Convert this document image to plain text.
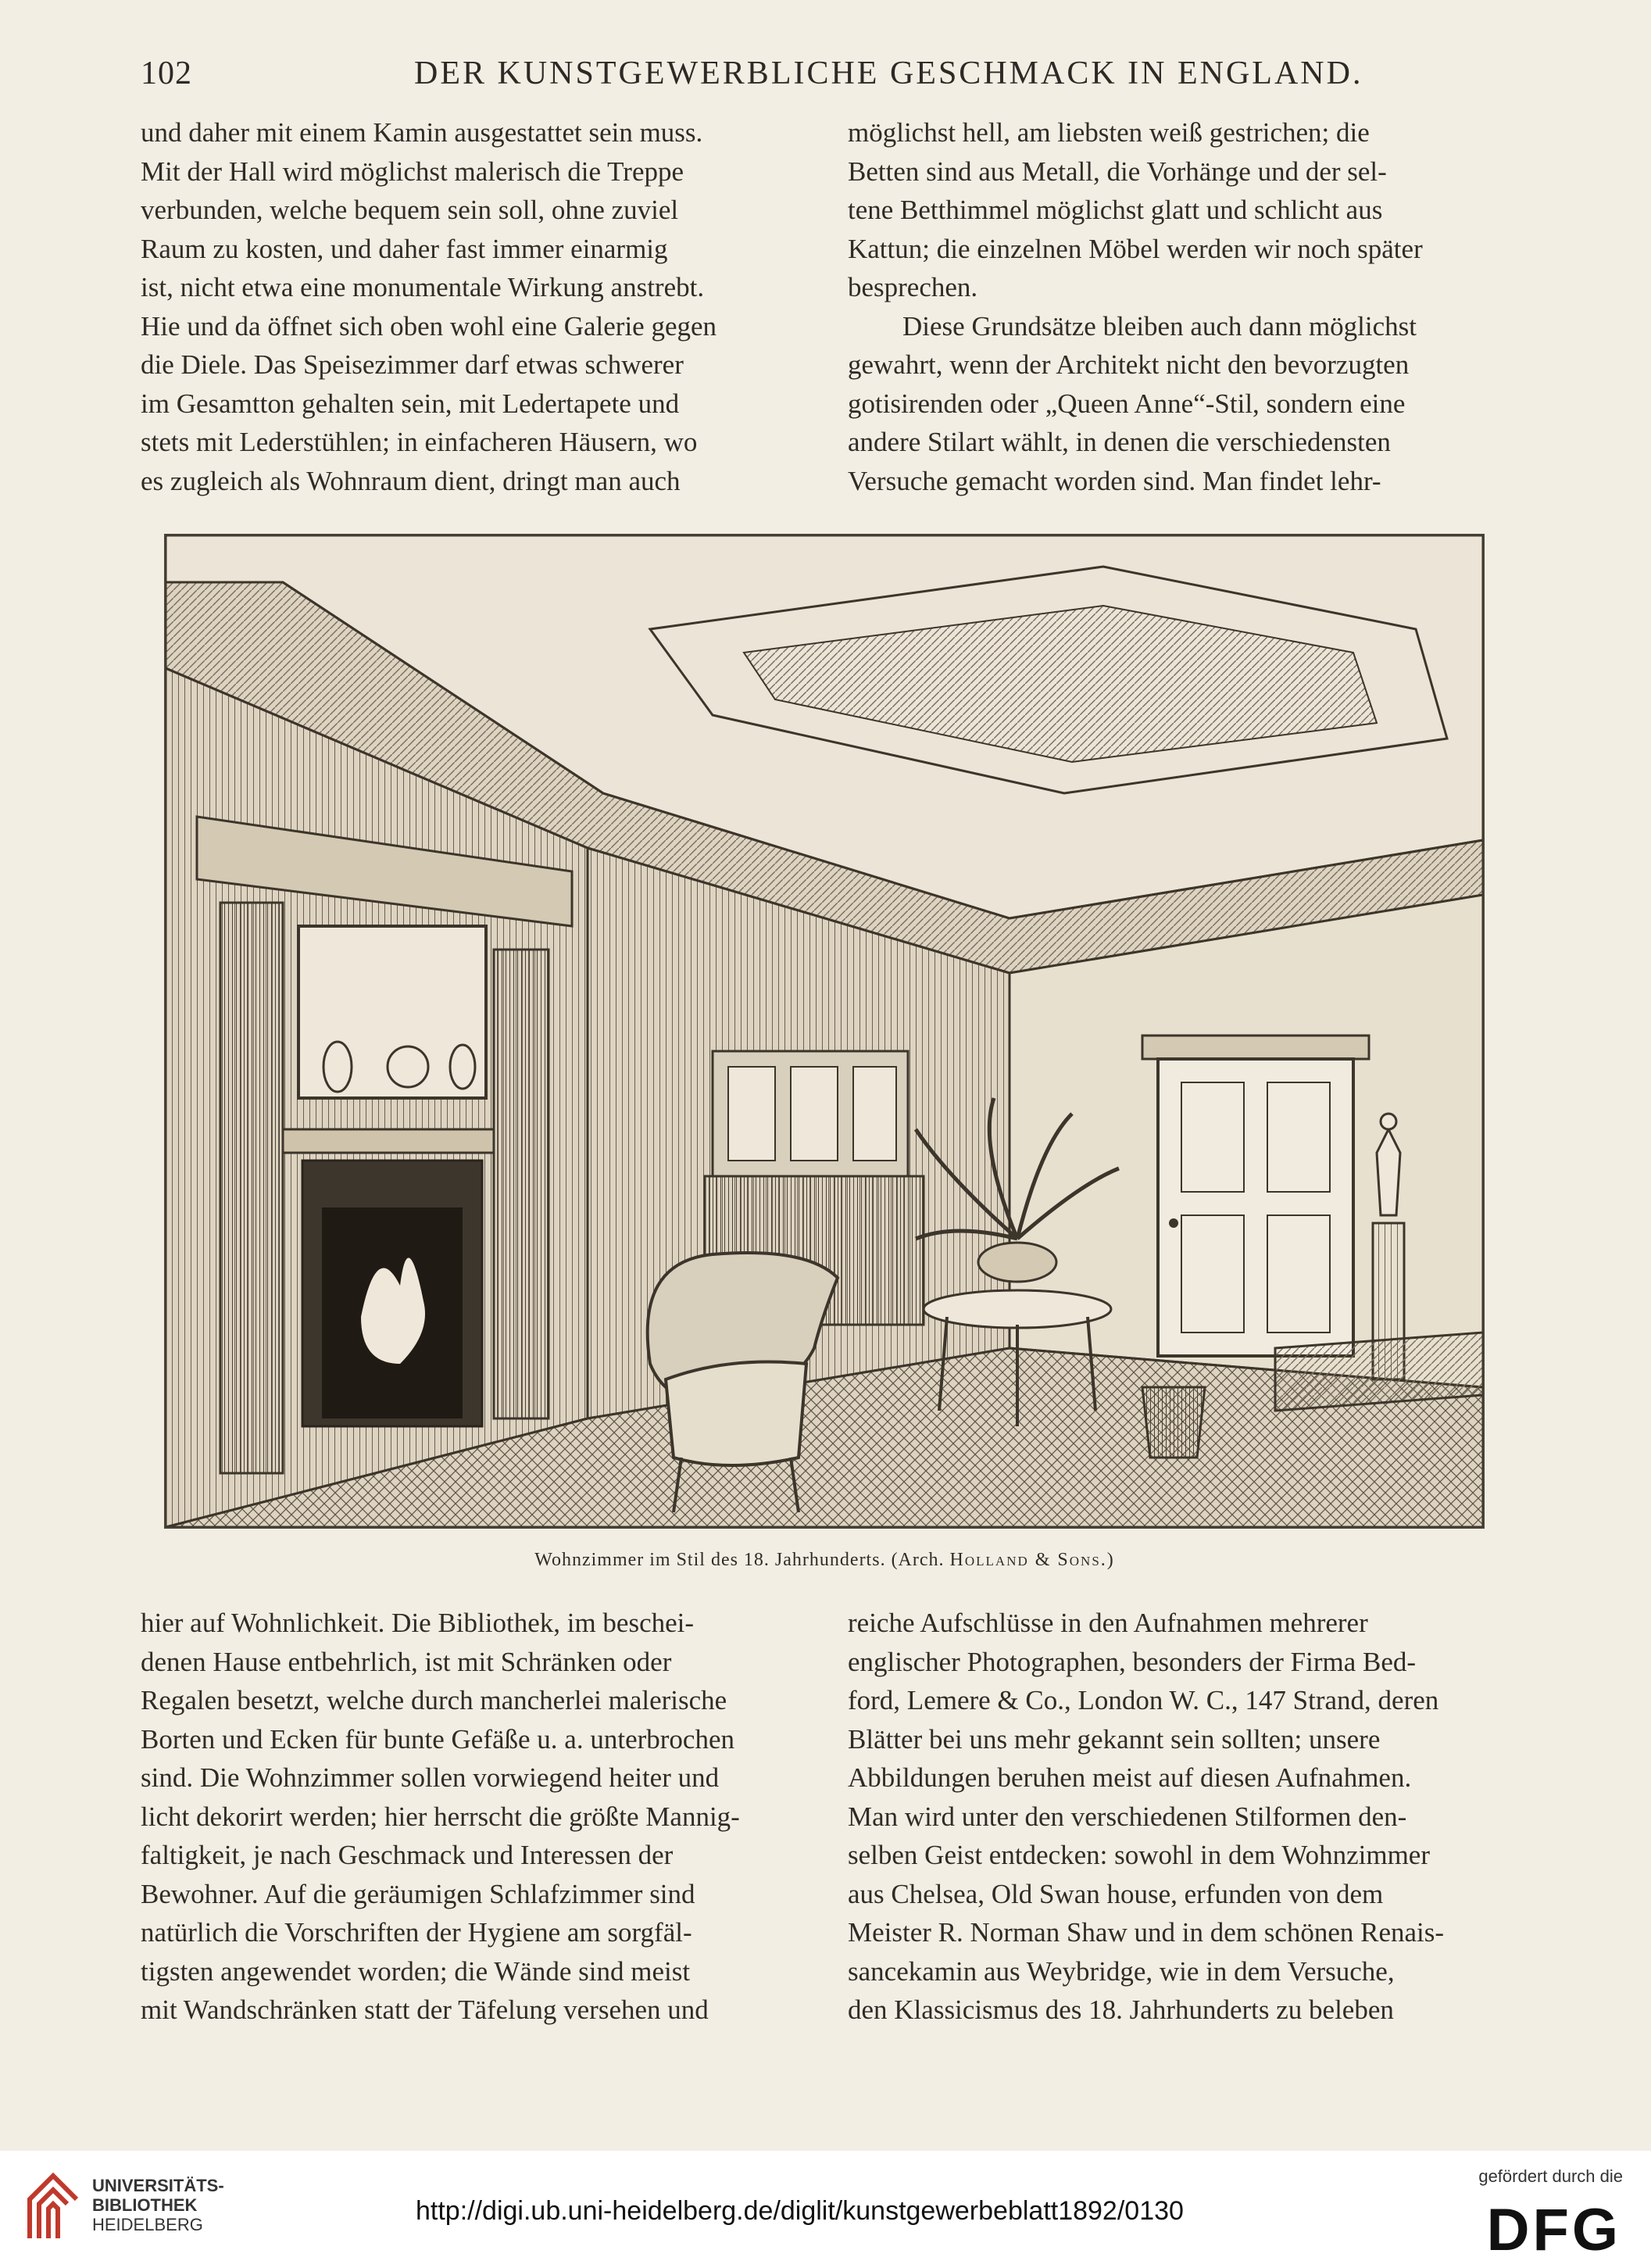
102	DER KUNSTGEWERBLICHE GESCHMACK IN ENGLAND.

und daher mit einem Kamin ausgestattet sein muss.

Mit der Hall wird möglichst malerisch die Treppe

verbunden, welche bequem sein soll, ohne zuviel

Raum zu kosten, und daher fast immer einarmig

ist, nicht etwa eine monumentale Wirkung anstrebt.

Hie und da öffnet sich oben wohl eine Galerie gegen

die Diele. Das Speisezimmer darf etwas schwerer

im Gesamtton gehalten sein, mit Ledertapete und

stets mit Lederstühlen; in einfacheren Häusern, wo

es zugleich als Wohnraum dient, dringt man auch

möglichst hell, am liebsten weiß gestrichen; die

Betten sind aus Metall, die Vorhänge und der sel-

tene Betthimmel möglichst glatt und schlicht aus

Kattun; die einzelnen Möbel werden wir noch später

besprechen.

Diese Grundsätze bleiben auch dann möglichst

gewahrt, wenn der Architekt nicht den bevorzugten

gotisirenden oder „Queen Anne“-Stil, sondern eine

andere Stilart wählt, in denen die verschiedensten

Versuche gemacht worden sind. Man findet lehr-

Wohnzimmer im Stil des 18. Jahrhunderts. (Arch. Holland & Sons.)

hier auf Wohnlichkeit. Die Bibliothek, im beschei-

denen Hause entbehrlich, ist mit Schränken oder

Regalen besetzt, welche durch mancherlei malerische

Borten und Ecken für bunte Gefäße u. a. unterbrochen

sind. Die Wohnzimmer sollen vorwiegend heiter und

licht dekorirt werden; hier herrscht die größte Mannig-

faltigkeit, je nach Geschmack und Interessen der

Bewohner. Auf die geräumigen Schlafzimmer sind

natürlich die Vorschriften der Hygiene am sorgfäl-

tigsten angewendet worden; die Wände sind meist

mit Wandschränken statt der Täfelung versehen und

reiche Aufschlüsse in den Aufnahmen mehrerer

englischer Photographen, besonders der Firma Bed-

ford, Lemere & Co., London W. C., 147 Strand, deren

Blätter bei uns mehr gekannt sein sollten; unsere

Abbildungen beruhen meist auf diesen Aufnahmen.

Man wird unter den verschiedenen Stilformen den-

selben Geist entdecken: sowohl in dem Wohnzimmer

aus Chelsea, Old Swan house, erfunden von dem

Meister R. Norman Shaw und in dem schönen Renais-

sancekamin aus Weybridge, wie in dem Versuche,

den Klassicismus des 18. Jahrhunderts zu beleben

UNIVERSITÄTS-
BIBLIOTHEK
HEIDELBERG	http://digi.ub.uni-heidelberg.de/diglit/kunstgewerbeblatt1892/0130
gefördert durch die
DFG
